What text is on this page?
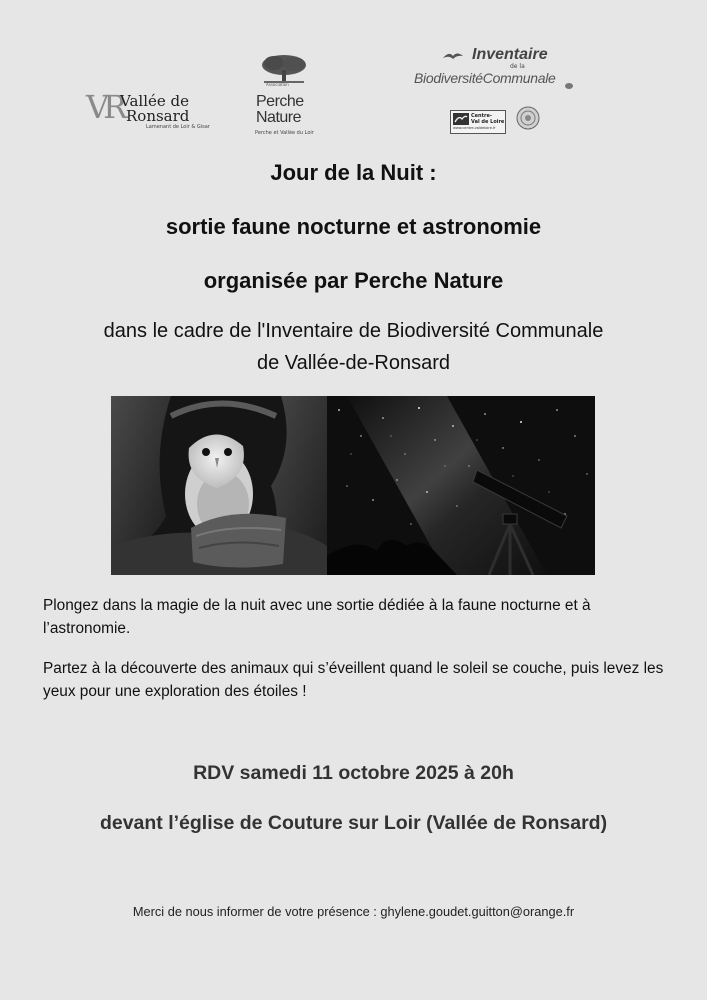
VR
Vallée de
Ronsard
Lamenant de Loir & Gisar
Association
Perche
Nature
Perche et Vallée du Loir
Inventaire
de la
BiodiversitéCommunale
Centre-
Val de Loire
www.centre-valdeloire.fr
Jour de la Nuit :
sortie faune nocturne et astronomie
organisée par Perche Nature
dans le cadre de l'Inventaire de Biodiversité Communale
de Vallée-de-Ronsard
Plongez dans la magie de la nuit avec une sortie dédiée à la faune nocturne et à l’astronomie.
Partez à la découverte des animaux qui s’éveillent quand le soleil se couche, puis levez les yeux pour une exploration des étoiles !
RDV samedi 11 octobre 2025 à 20h
devant l’église de Couture sur Loir (Vallée de Ronsard)
Merci de nous informer de votre présence : ghylene.goudet.guitton@orange.fr
